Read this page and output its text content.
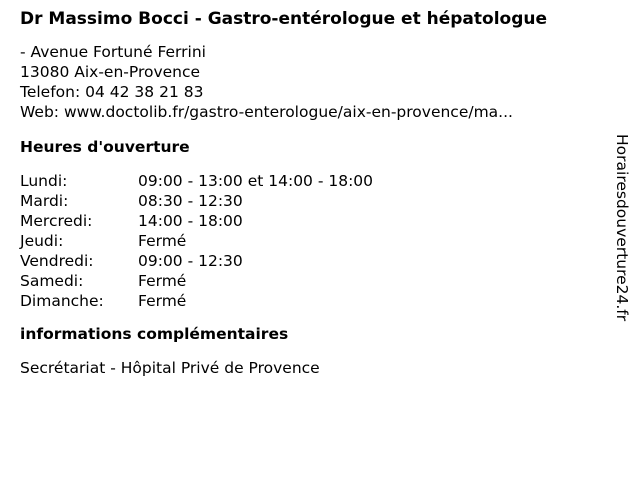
Dr Massimo Bocci - Gastro-entérologue et hépatologue
- Avenue Fortuné Ferrini
13080 Aix-en-Provence
Telefon: 04 42 38 21 83
Web: www.doctolib.fr/gastro-enterologue/aix-en-provence/ma...
Heures d'ouverture
Lundi:	09:00 - 13:00 et 14:00 - 18:00
Mardi:	08:30 - 12:30
Mercredi:	14:00 - 18:00
Jeudi:	Fermé
Vendredi:	09:00 - 12:30
Samedi:	Fermé
Dimanche:	Fermé
informations complémentaires
Secrétariat - Hôpital Privé de Provence
Horairesdouverture24.fr
